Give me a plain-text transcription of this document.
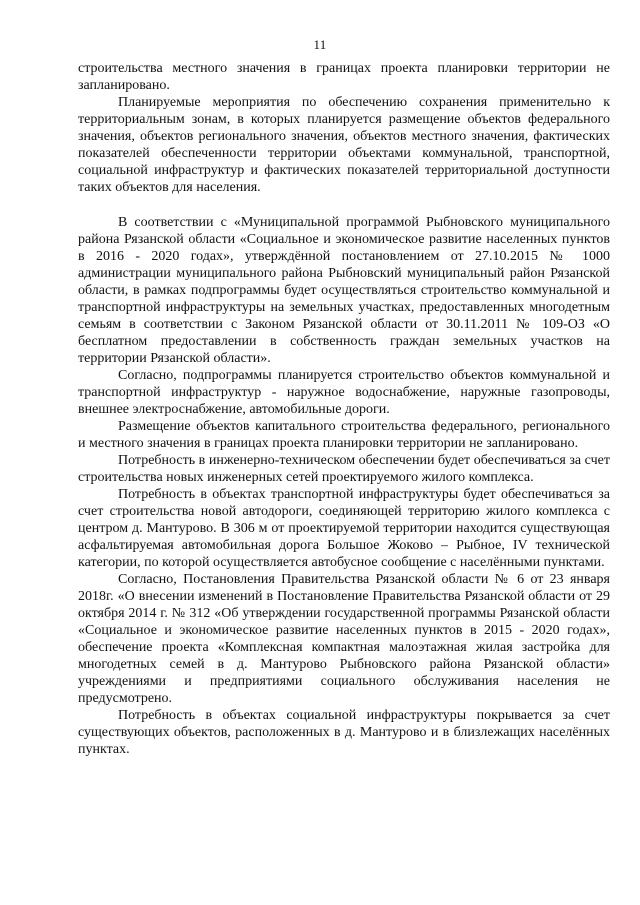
11

строительства местного значения в границах проекта планировки территории не запланировано.

Планируемые мероприятия по обеспечению сохранения применительно к территориальным зонам, в которых планируется размещение объектов федерального значения, объектов регионального значения, объектов местного значения, фактических показателей обеспеченности территории объектами коммунальной, транспортной, социальной инфраструктур и фактических показателей территориальной доступности таких объектов для населения.

В соответствии с «Муниципальной программой Рыбновского муниципального района Рязанской области «Социальное и экономическое развитие населенных пунктов в 2016 - 2020 годах», утверждённой постановлением от 27.10.2015 № 1000 администрации муниципального района Рыбновский муниципальный район Рязанской области, в рамках подпрограммы будет осуществляться строительство коммунальной и транспортной инфраструктуры на земельных участках, предоставленных многодетным семьям в соответствии с Законом Рязанской области от 30.11.2011 № 109-ОЗ «О бесплатном предоставлении в собственность граждан земельных участков на территории Рязанской области».

Согласно, подпрограммы планируется строительство объектов коммунальной и транспортной инфраструктур - наружное водоснабжение, наружные газопроводы, внешнее электроснабжение, автомобильные дороги.

Размещение объектов капитального строительства федерального, регионального и местного значения в границах проекта планировки территории не запланировано.

Потребность в инженерно-техническом обеспечении будет обеспечиваться за счет строительства новых инженерных сетей проектируемого жилого комплекса.

Потребность в объектах транспортной инфраструктуры будет обеспечиваться за счет строительства новой автодороги, соединяющей территорию жилого комплекса с центром д. Мантурово. В 306 м от проектируемой территории находится существующая асфальтируемая автомобильная дорога Большое Жоково – Рыбное, IV технической категории, по которой осуществляется автобусное сообщение с населёнными пунктами.

Согласно, Постановления Правительства Рязанской области № 6 от 23 января 2018г. «О внесении изменений в Постановление Правительства Рязанской области от 29 октября 2014 г. № 312 «Об утверждении государственной программы Рязанской области «Социальное и экономическое развитие населенных пунктов в 2015 - 2020 годах», обеспечение проекта «Комплексная компактная малоэтажная жилая застройка для многодетных семей в д. Мантурово Рыбновского района Рязанской области» учреждениями и предприятиями социального обслуживания населения не предусмотрено.

Потребность в объектах социальной инфраструктуры покрывается за счет существующих объектов, расположенных в д. Мантурово и в близлежащих населённых пунктах.
